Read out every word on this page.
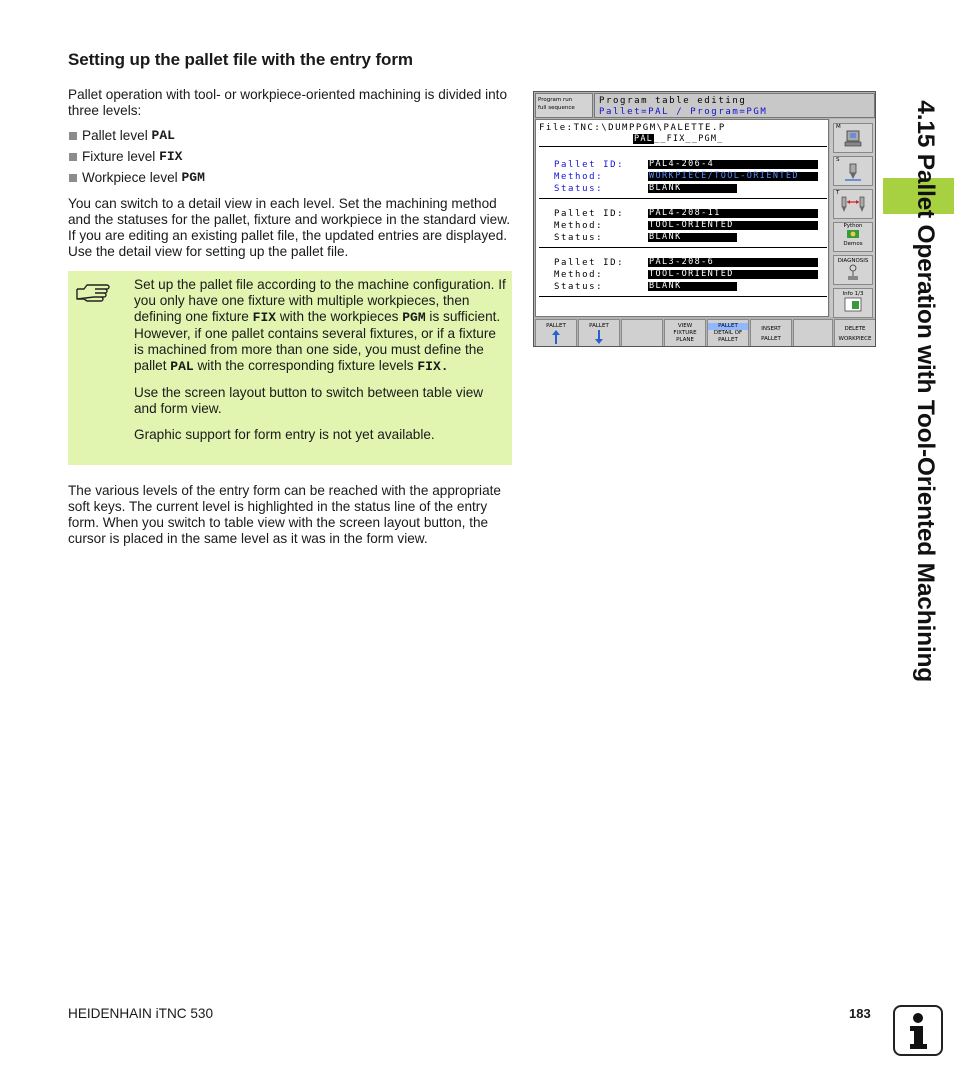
Setting up the pallet file with the entry form
Pallet operation with tool- or workpiece-oriented machining is divided into three levels:
Pallet level
PAL
Fixture level
FIX
Workpiece level
PGM
You can switch to a detail view in each level. Set the machining method and the statuses for the pallet, fixture and workpiece in the standard view. If you are editing an existing pallet file, the updated entries are displayed. Use the detail view for setting up the pallet file.

Set up the pallet file according to the machine configuration. If you only have one fixture with multiple workpieces, then defining one fixture FIX with the workpieces PGM is sufficient. However, if one pallet contains several fixtures, or if a fixture is machined from more than one side, you must define the pallet PAL with the corresponding fixture levels FIX.

Use the screen layout button to switch between table view and form view.

Graphic support for form entry is not yet available.

The various levels of the entry form can be reached with the appropriate soft keys. The current level is highlighted in the status line of the entry form. When you switch to table view with the screen layout button, the cursor is placed in the same level as it was in the form view.
Program run
full sequence
Program table editing
Pallet=PAL / Program=PGM
File:TNC:\DUMPPGM\PALETTE.P
PAL__FIX__PGM_
Pallet ID:	PAL4-206-4
Method:	WORKPIECE/TOOL-ORIENTED
Status:	BLANK
Pallet ID:	PAL4-208-11
Method:	TOOL-ORIENTED
Status:	BLANK
Pallet ID:	PAL3-208-6
Method:	TOOL-ORIENTED
Status:	BLANK
M
S
T
Python
Demos
DIAGNOSIS
Info 1/3
PALLET	PALLET	VIEW
FIXTURE
PLANE
PALLET
DETAIL OF
PALLET
INSERT
PALLET
DELETE
WORKPIECE	4.15 Pallet Operation with Tool-Oriented Machining
HEIDENHAIN iTNC 530	183
